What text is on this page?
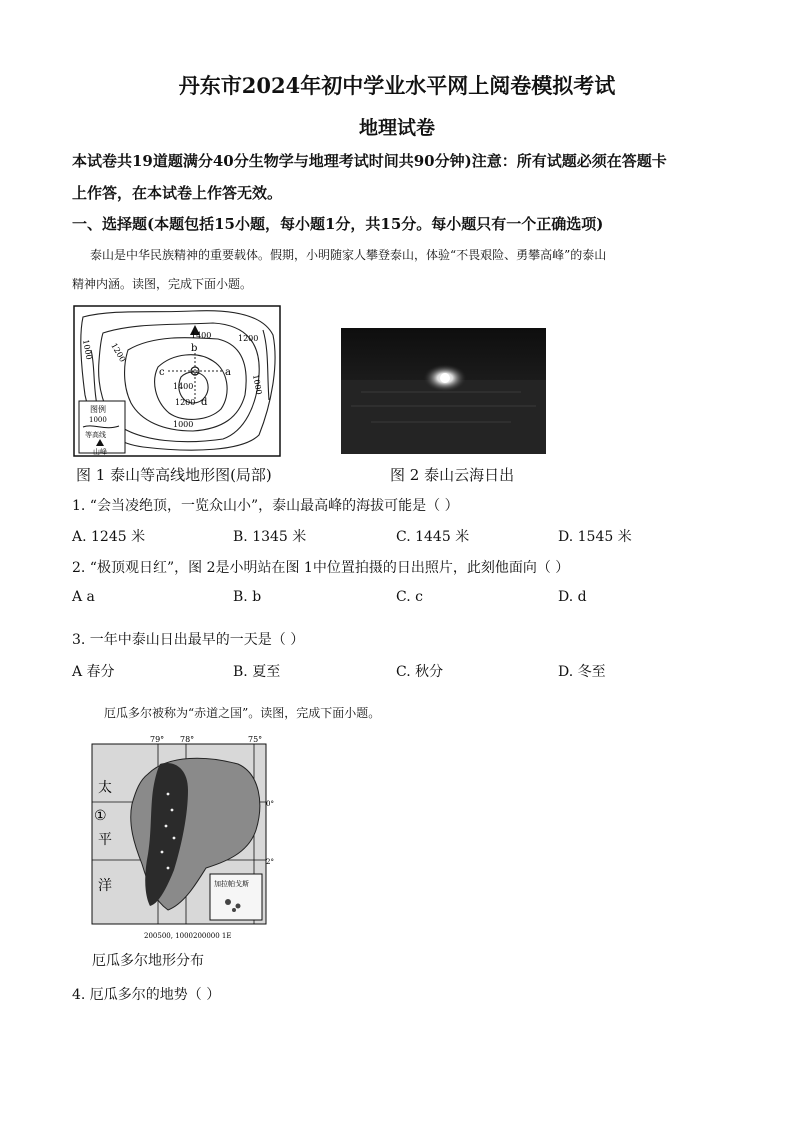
丹东市2024年初中学业水平网上阅卷模拟考试
地理试卷
本试卷共19道题满分40分生物学与地理考试时间共90分钟)注意：所有试题必须在答题卡
上作答，在本试卷上作答无效。
一、选择题(本题包括15小题，每小题1分，共15分。每小题只有一个正确选项)
泰山是中华民族精神的重要载体。假期，小明随家人攀登泰山，体验“不畏艰险、勇攀高峰”的泰山
精神内涵。读图，完成下面小题。
1400
1000 1200
1200
1400
1200
1000
1000
b
c	a
d
图例
1000
等高线
山峰
图 1 泰山等高线地形图(局部)	图 2 泰山云海日出
1. “会当凌绝顶，一览众山小”，泰山最高峰的海拔可能是（ ）
A. 1245 米	B. 1345 米	C. 1445 米	D. 1545 米
2. “极顶观日红”，图 2是小明站在图 1中位置拍摄的日出照片，此刻他面向（ ）
A a	B. b	C. c	D. d
3. 一年中泰山日出最早的一天是（ ）
A 春分	B. 夏至	C. 秋分	D. 冬至
厄瓜多尔被称为“赤道之国”。读图，完成下面小题。
加拉帕戈斯
79° 78°	75°
0°
2°
太
平
洋
①
200500, 1000200000 1E
厄瓜多尔地形分布
4. 厄瓜多尔的地势（ ）
